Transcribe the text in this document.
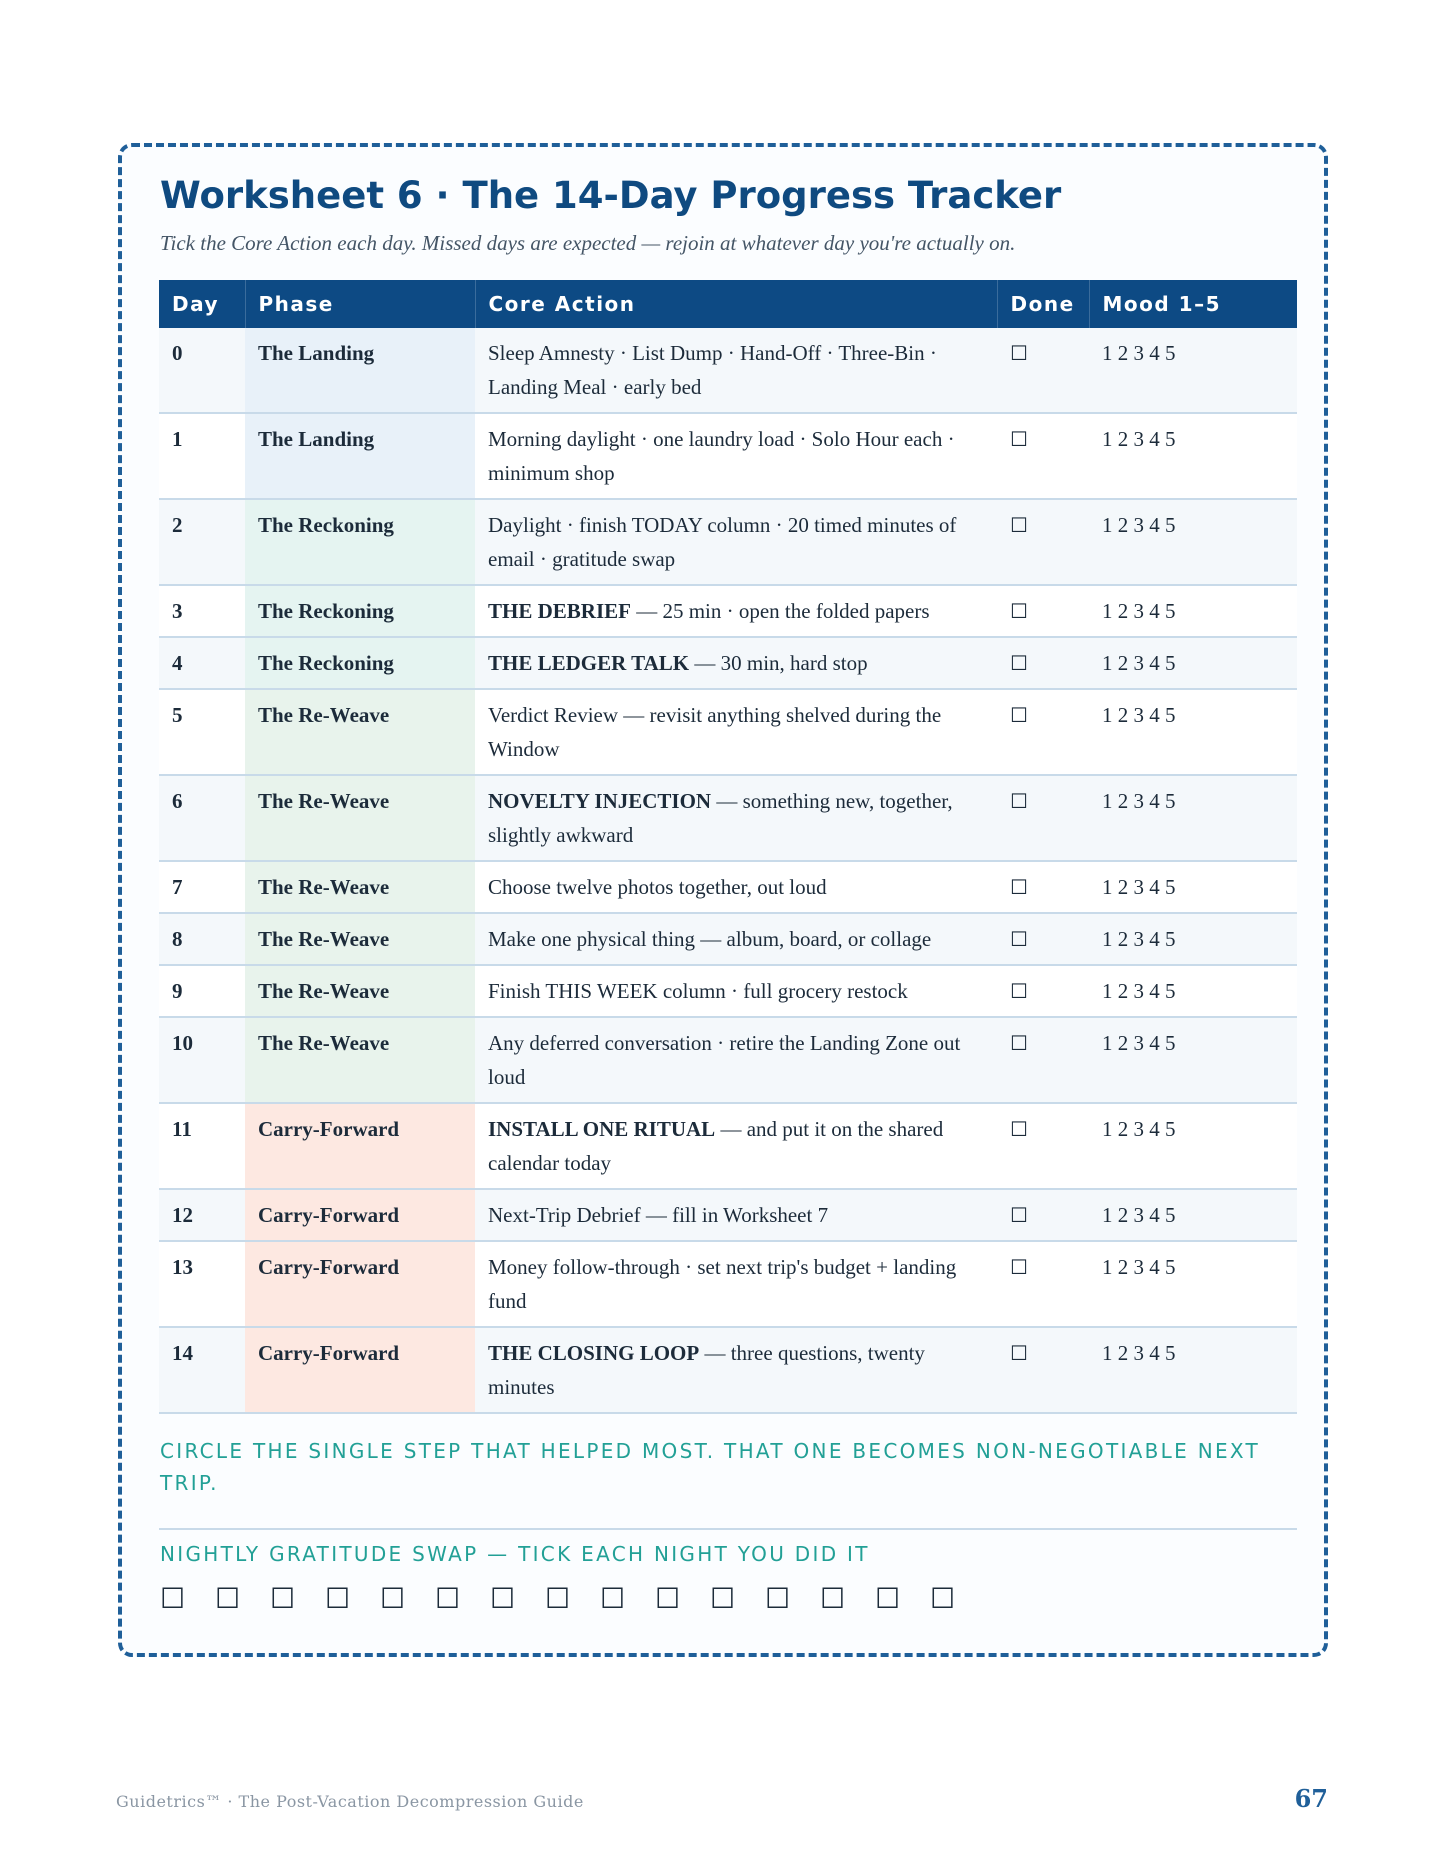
Worksheet 6 · The 14-Day Progress Tracker

Tick the Core Action each day. Missed days are expected — rejoin at whatever day you're actually on.

Day	Phase	Core Action	Done	Mood 1–5
0	The Landing	Sleep Amnesty · List Dump · Hand-Off · Three-Bin · Landing Meal · early bed	☐	1 2 3 4 5
1	The Landing	Morning daylight · one laundry load · Solo Hour each · minimum shop	☐	1 2 3 4 5
2	The Reckoning	Daylight · finish TODAY column · 20 timed minutes of email · gratitude swap	☐	1 2 3 4 5
3	The Reckoning	THE DEBRIEF — 25 min · open the folded papers	☐	1 2 3 4 5
4	The Reckoning	THE LEDGER TALK — 30 min, hard stop	☐	1 2 3 4 5
5	The Re-Weave	Verdict Review — revisit anything shelved during the Window	☐	1 2 3 4 5
6	The Re-Weave	NOVELTY INJECTION — something new, together, slightly awkward	☐	1 2 3 4 5
7	The Re-Weave	Choose twelve photos together, out loud	☐	1 2 3 4 5
8	The Re-Weave	Make one physical thing — album, board, or collage	☐	1 2 3 4 5
9	The Re-Weave	Finish THIS WEEK column · full grocery restock	☐	1 2 3 4 5
10	The Re-Weave	Any deferred conversation · retire the Landing Zone out loud	☐	1 2 3 4 5
11	Carry-Forward	INSTALL ONE RITUAL — and put it on the shared calendar today	☐	1 2 3 4 5
12	Carry-Forward	Next-Trip Debrief — fill in Worksheet 7	☐	1 2 3 4 5
13	Carry-Forward	Money follow-through · set next trip's budget + landing fund	☐	1 2 3 4 5
14	Carry-Forward	THE CLOSING LOOP — three questions, twenty minutes	☐	1 2 3 4 5

CIRCLE THE SINGLE STEP THAT HELPED MOST. THAT ONE BECOMES NON-NEGOTIABLE NEXT TRIP.

NIGHTLY GRATITUDE SWAP — TICK EACH NIGHT YOU DID IT

☐	☐	☐	☐	☐	☐	☐	☐	☐	☐	☐	☐	☐	☐	☐
Guidetrics™ · The Post-Vacation Decompression Guide	67
